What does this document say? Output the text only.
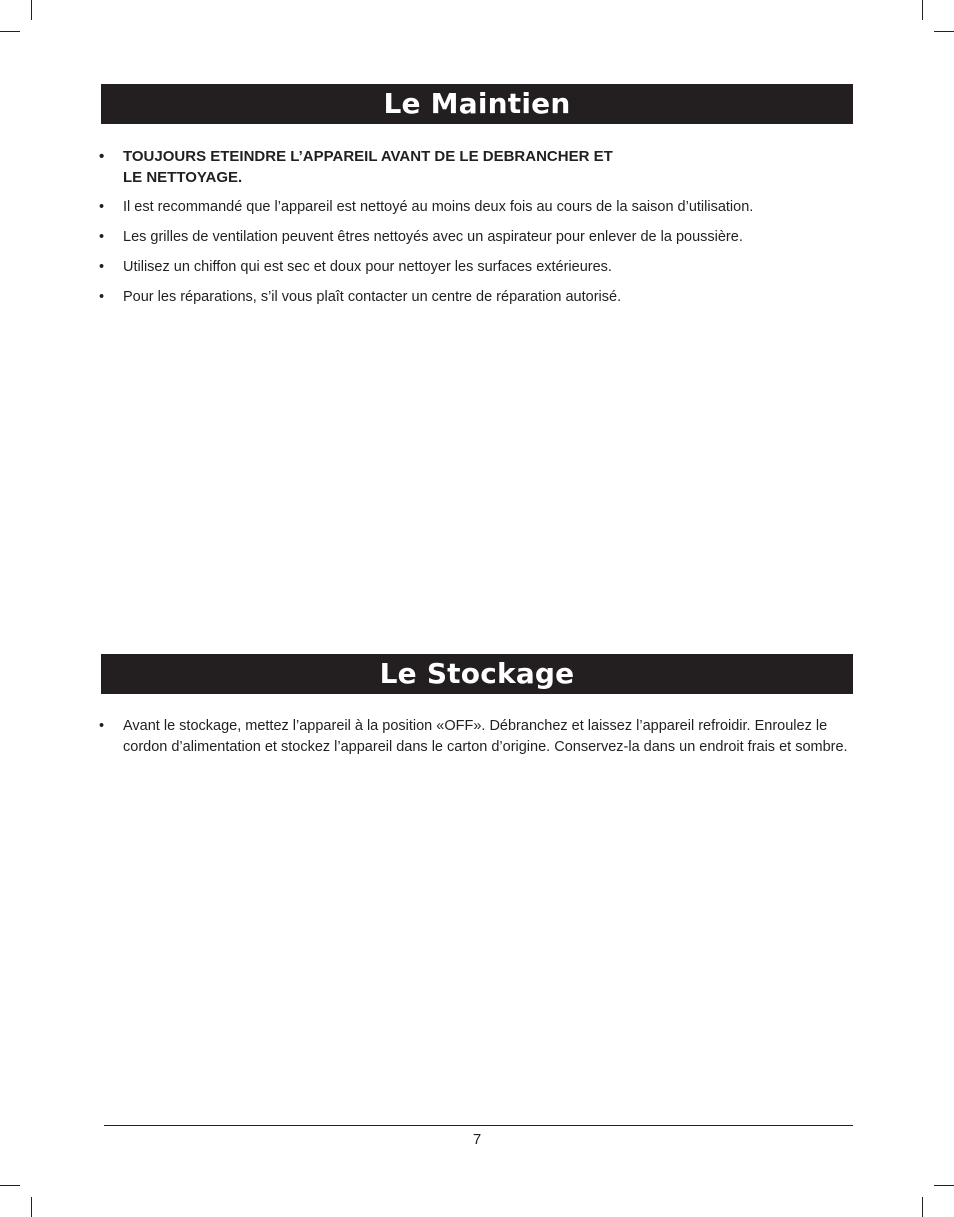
Le Maintien
• TOUJOURS ETEINDRE L’APPAREIL AVANT DE LE DEBRANCHER ET
LE NETTOYAGE.
• Il est recommandé que l’appareil est nettoyé au moins deux fois au cours de la saison d’utilisation.
• Les grilles de ventilation peuvent êtres nettoyés avec un aspirateur pour enlever de la poussière.
• Utilisez un chiffon qui est sec et doux pour nettoyer les surfaces extérieures.
• Pour les réparations, s’il vous plaît contacter un centre de réparation autorisé.
Le Stockage
• Avant le stockage, mettez l’appareil à la position «OFF». Débranchez et laissez l’appareil refroidir. Enroulez le cordon d’alimentation et stockez l’appareil dans le carton d’origine. Conservez-la dans un endroit frais et sombre.
7
